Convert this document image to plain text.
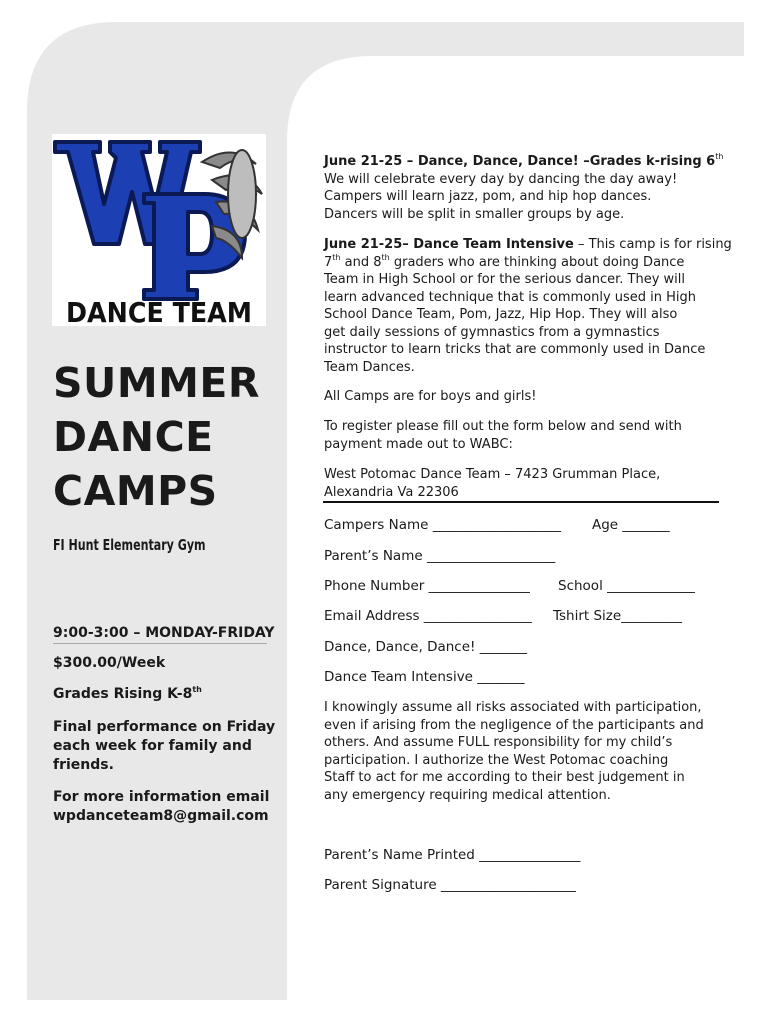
DANCE TEAM
SUMMER
DANCE
CAMPS
FI Hunt Elementary Gym
9:00-3:00 – MONDAY-FRIDAY
$300.00/Week
Grades Rising K-8th
Final performance on Friday
each week for family and
friends.
For more information email
wpdanceteam8@gmail.com
June 21-25 – Dance, Dance, Dance! –Grades k-rising 6th
We will celebrate every day by dancing the day away!
Campers will learn jazz, pom, and hip hop dances.
Dancers will be split in smaller groups by age.
June 21-25– Dance Team Intensive – This camp is for rising
7th and 8th graders who are thinking about doing Dance
Team in High School or for the serious dancer. They will
learn advanced technique that is commonly used in High
School Dance Team, Pom, Jazz, Hip Hop. They will also
get daily sessions of gymnastics from a gymnastics
instructor to learn tricks that are commonly used in Dance
Team Dances.
All Camps are for boys and girls!
To register please fill out the form below and send with
payment made out to WABC:
West Potomac Dance Team – 7423 Grumman Place,
Alexandria Va 22306
Campers Name ___________________ Age _______
Parent’s Name ___________________
Phone Number _______________ School _____________
Email Address ________________ Tshirt Size_________
Dance, Dance, Dance! _______
Dance Team Intensive _______
I knowingly assume all risks associated with participation,
even if arising from the negligence of the participants and
others. And assume FULL responsibility for my child’s
participation. I authorize the West Potomac coaching
Staff to act for me according to their best judgement in
any emergency requiring medical attention.
Parent’s Name Printed _______________
Parent Signature ____________________
